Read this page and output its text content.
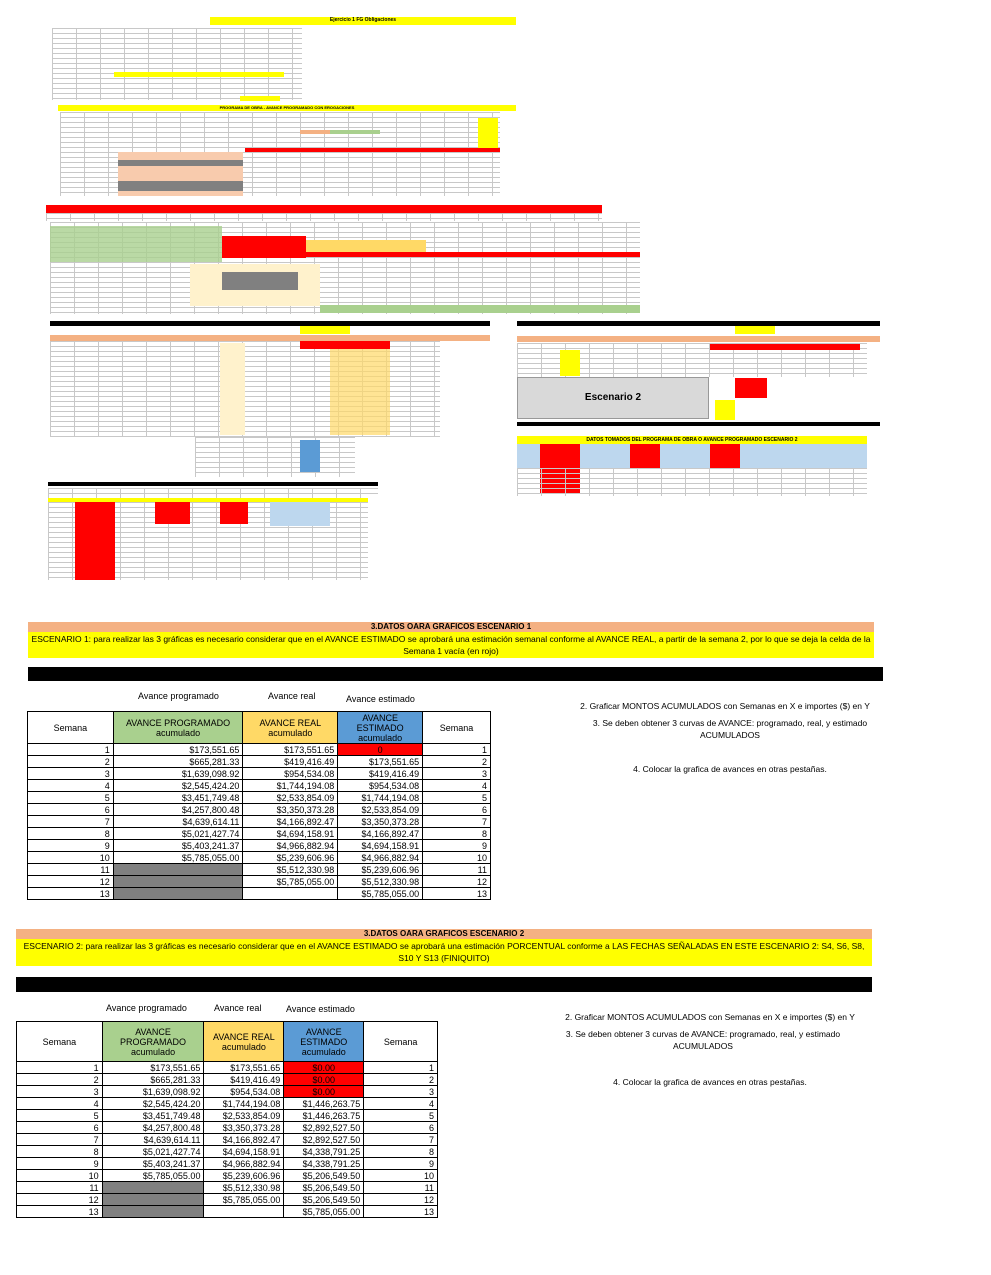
Ejercicio 1 FG Obligaciones
PROGRAMA DE OBRA - AVANCE PROGRAMADO CON EROGACIONES
Escenario 2
DATOS TOMADOS DEL PROGRAMA DE OBRA O AVANCE PROGRAMADO ESCENARIO 2
3.DATOS OARA GRAFICOS ESCENARIO 1
ESCENARIO 1: para realizar las 3 gráficas es necesario considerar que en el AVANCE ESTIMADO se aprobará una estimación semanal conforme al AVANCE REAL, a partir de la semana 2, por lo que se deja la celda de la Semana 1 vacía (en rojo)
Avance programado	Avance real	Avance estimado
Semana	AVANCE PROGRAMADO acumulado	AVANCE REAL acumulado	AVANCE ESTIMADO acumulado	Semana
1	$173,551.65	$173,551.65	0	1
2	$665,281.33	$419,416.49	$173,551.65	2
3	$1,639,098.92	$954,534.08	$419,416.49	3
4	$2,545,424.20	$1,744,194.08	$954,534.08	4
5	$3,451,749.48	$2,533,854.09	$1,744,194.08	5
6	$4,257,800.48	$3,350,373.28	$2,533,854.09	6
7	$4,639,614.11	$4,166,892.47	$3,350,373.28	7
8	$5,021,427.74	$4,694,158.91	$4,166,892.47	8
9	$5,403,241.37	$4,966,882.94	$4,694,158.91	9
10	$5,785,055.00	$5,239,606.96	$4,966,882.94	10
11		$5,512,330.98	$5,239,606.96	11
12		$5,785,055.00	$5,512,330.98	12
13			$5,785,055.00	13
2. Graficar MONTOS ACUMULADOS con Semanas en X e importes ($) en Y
3. Se deben obtener 3 curvas de AVANCE: programado, real, y estimado ACUMULADOS
4. Colocar la grafica de avances en otras pestañas.
3.DATOS OARA GRAFICOS ESCENARIO 2
ESCENARIO 2: para realizar las 3 gráficas es necesario considerar que en el AVANCE ESTIMADO se aprobará una estimación PORCENTUAL conforme a LAS FECHAS SEÑALADAS EN ESTE ESCENARIO 2: S4, S6, S8, S10 Y S13 (FINIQUITO)
Avance programado	Avance real	Avance estimado
Semana	AVANCE PROGRAMADO acumulado	AVANCE REAL acumulado	AVANCE ESTIMADO acumulado	Semana
1	$173,551.65	$173,551.65	$0.00	1
2	$665,281.33	$419,416.49	$0.00	2
3	$1,639,098.92	$954,534.08	$0.00	3
4	$2,545,424.20	$1,744,194.08	$1,446,263.75	4
5	$3,451,749.48	$2,533,854.09	$1,446,263.75	5
6	$4,257,800.48	$3,350,373.28	$2,892,527.50	6
7	$4,639,614.11	$4,166,892.47	$2,892,527.50	7
8	$5,021,427.74	$4,694,158.91	$4,338,791.25	8
9	$5,403,241.37	$4,966,882.94	$4,338,791.25	9
10	$5,785,055.00	$5,239,606.96	$5,206,549.50	10
11		$5,512,330.98	$5,206,549.50	11
12		$5,785,055.00	$5,206,549.50	12
13			$5,785,055.00	13
2. Graficar MONTOS ACUMULADOS con Semanas en X e importes ($) en Y
3. Se deben obtener 3 curvas de AVANCE: programado, real, y estimado ACUMULADOS
4. Colocar la grafica de avances en otras pestañas.
